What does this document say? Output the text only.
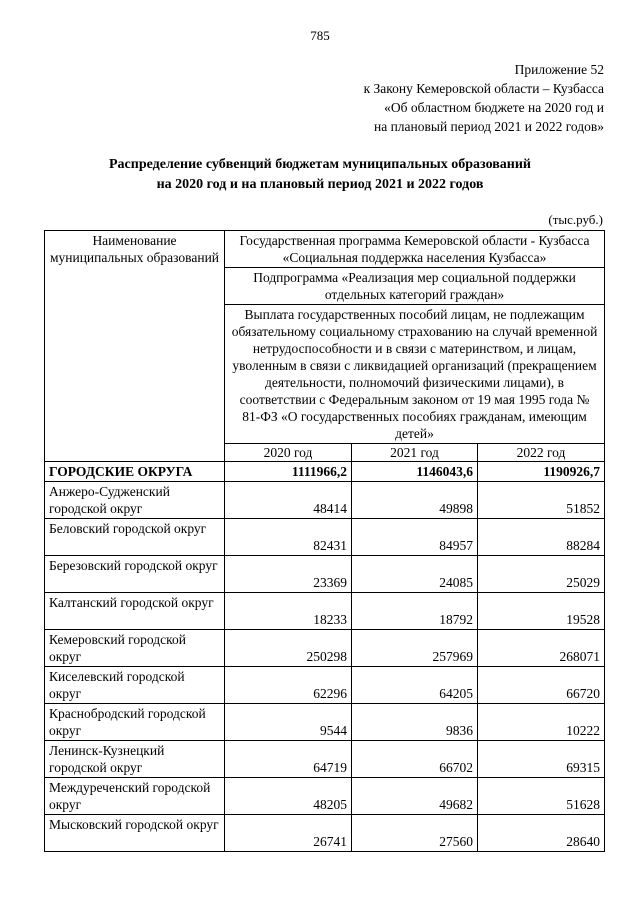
785
Приложение 52
к Закону Кемеровской области – Кузбасса
«Об областном бюджете на 2020 год и
на плановый период 2021 и 2022 годов»
Распределение субвенций бюджетам муниципальных образований
на 2020 год и на плановый период 2021 и 2022 годов
(тыс.руб.)
Наименование муниципальных образований	Государственная программа Кемеровской области - Кузбасса «Социальная поддержка населения Кузбасса»		
	Подпрограмма «Реализация мер социальной поддержки отдельных категорий граждан»		
	Выплата государственных пособий лицам, не подлежащим обязательному социальному страхованию на случай временной нетрудоспособности и в связи с материнством, и лицам, уволенным в связи с ликвидацией организаций (прекращением деятельности, полномочий физическими лицами), в соответствии с Федеральным законом от 19 мая 1995 года № 81-ФЗ «О государственных пособиях гражданам, имеющим детей»		
	2020 год	2021 год	2022 год
ГОРОДСКИЕ ОКРУГА	1111966,2	1146043,6	1190926,7
Анжеро-Судженский городской округ	48414	49898	51852
Беловский городской округ	82431	84957	88284
Березовский городской округ	23369	24085	25029
Калтанский городской округ	18233	18792	19528
Кемеровский городской округ	250298	257969	268071
Киселевский городской округ	62296	64205	66720
Краснобродский городской округ	9544	9836	10222
Ленинск-Кузнецкий городской округ	64719	66702	69315
Междуреченский городской округ	48205	49682	51628
Мысковский городской округ	26741	27560	28640
